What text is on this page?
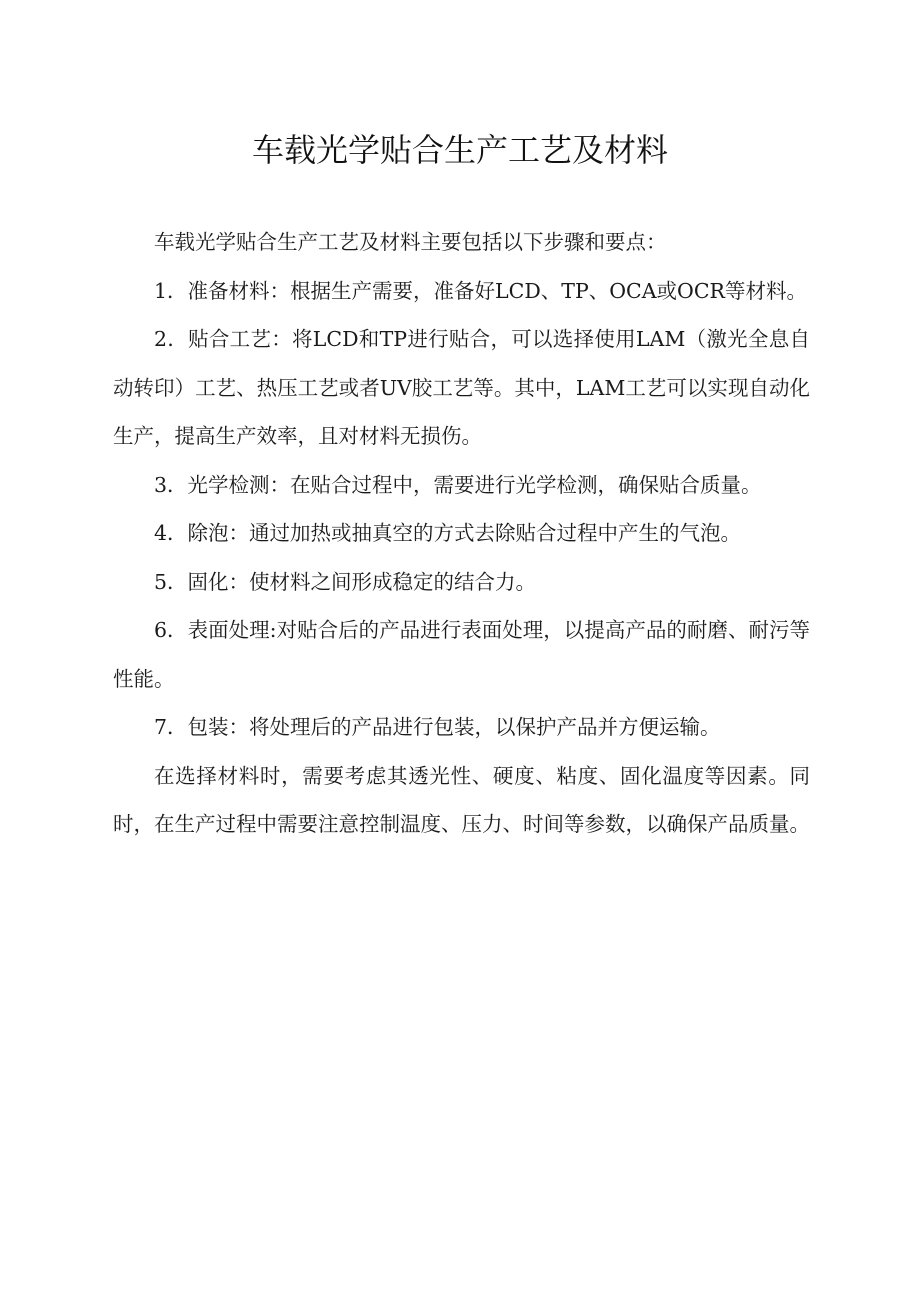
车载光学贴合生产工艺及材料

车载光学贴合生产工艺及材料主要包括以下步骤和要点：

1．准备材料：根据生产需要，准备好LCD、TP、OCA或OCR等材料。

2．贴合工艺：将LCD和TP进行贴合，可以选择使用LAM（激光全息自动转印）工艺、热压工艺或者UV胶工艺等。其中，LAM工艺可以实现自动化生产，提高生产效率，且对材料无损伤。

3．光学检测：在贴合过程中，需要进行光学检测，确保贴合质量。

4．除泡：通过加热或抽真空的方式去除贴合过程中产生的气泡。

5．固化：使材料之间形成稳定的结合力。

6．表面处理:对贴合后的产品进行表面处理，以提高产品的耐磨、耐污等性能。

7．包装：将处理后的产品进行包装，以保护产品并方便运输。

在选择材料时，需要考虑其透光性、硬度、粘度、固化温度等因素。同时，在生产过程中需要注意控制温度、压力、时间等参数，以确保产品质量。
